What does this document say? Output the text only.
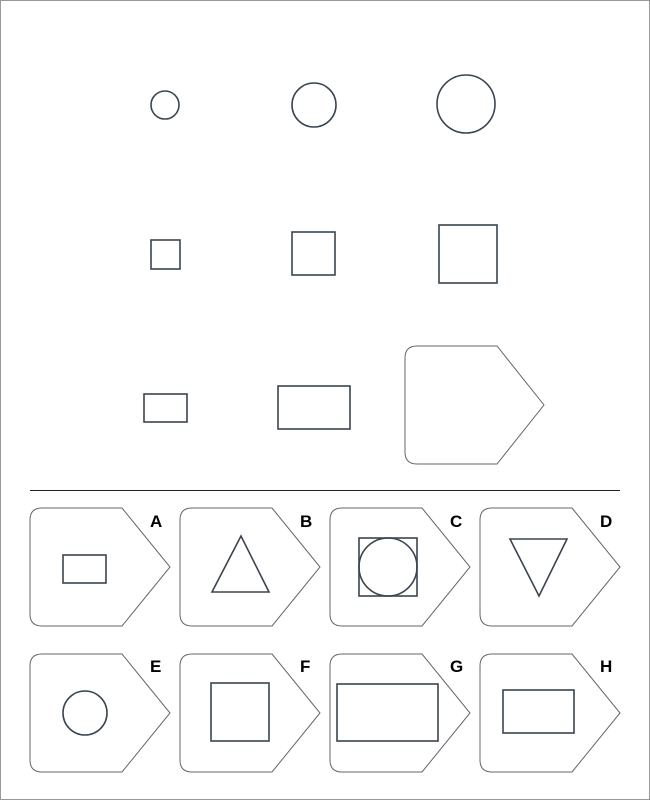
A	B	C	D
E	F	G	H
